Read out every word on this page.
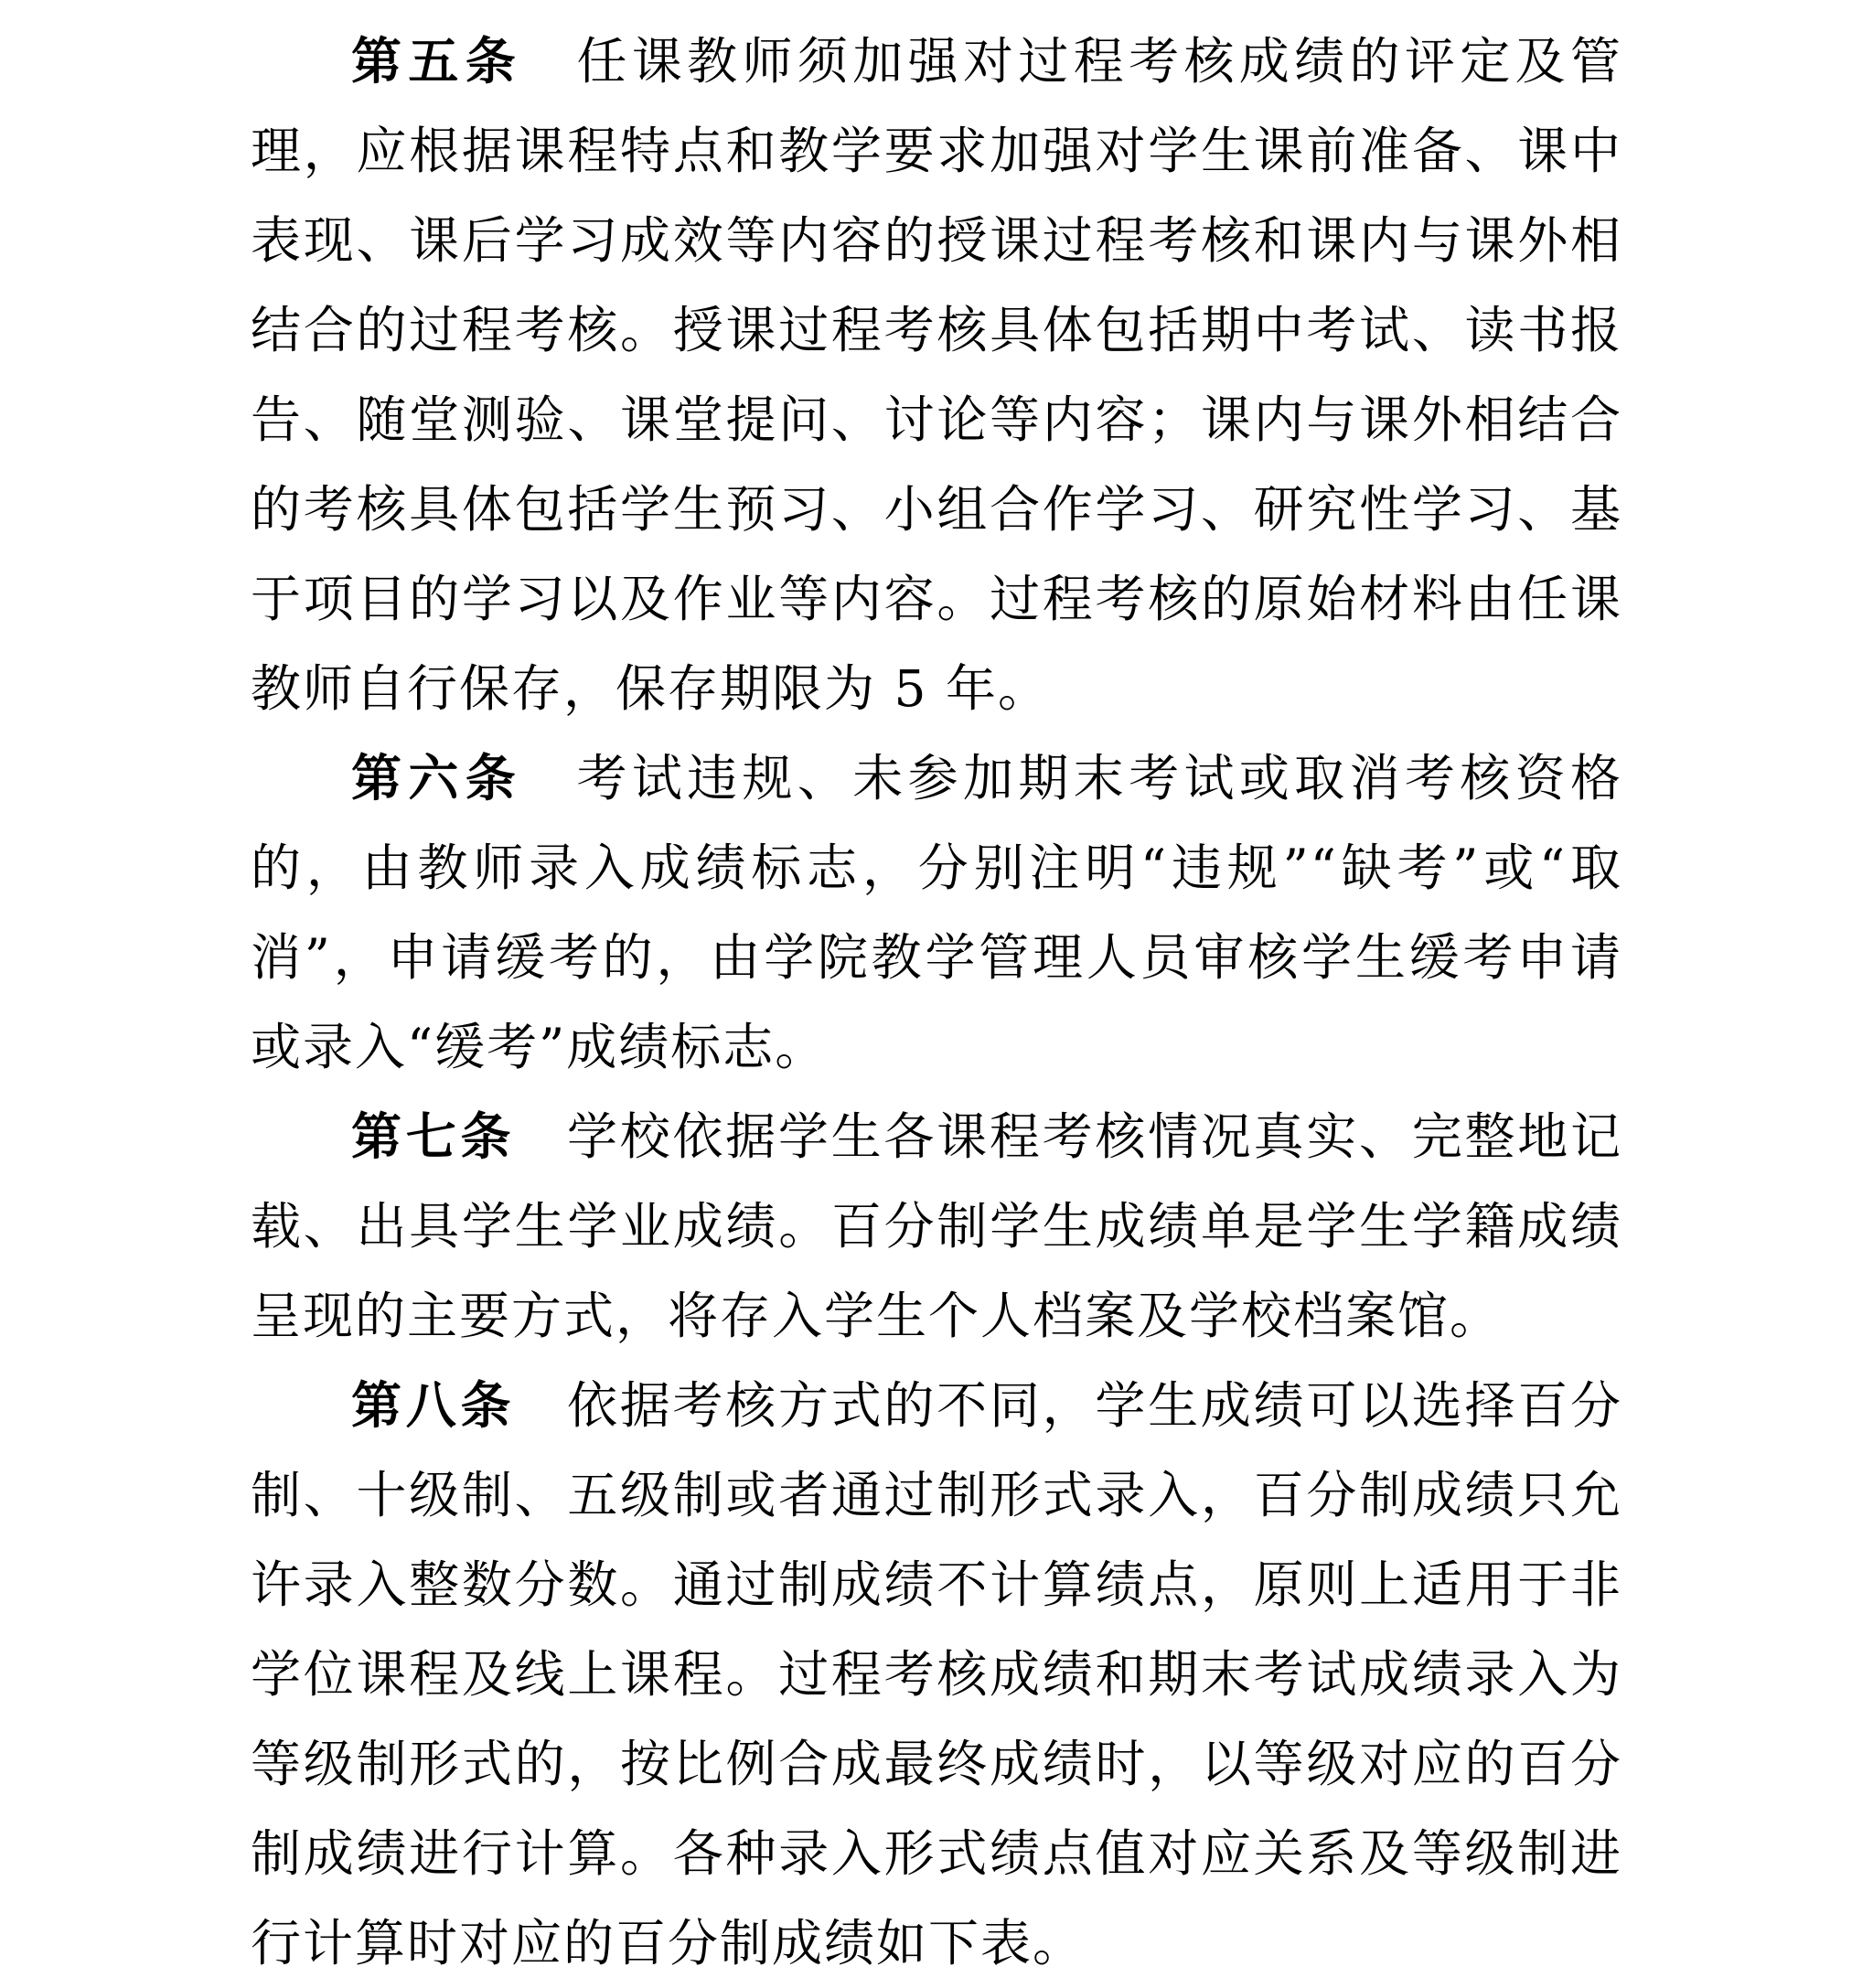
第五条 任课教师须加强对过程考核成绩的评定及管理，应根据课程特点和教学要求加强对学生课前准备、课中表现、课后学习成效等内容的授课过程考核和课内与课外相结合的过程考核。授课过程考核具体包括期中考试、读书报告、随堂测验、课堂提问、讨论等内容；课内与课外相结合的考核具体包括学生预习、小组合作学习、研究性学习、基于项目的学习以及作业等内容。过程考核的原始材料由任课教师自行保存，保存期限为 5 年。

第六条 考试违规、未参加期末考试或取消考核资格的，由教师录入成绩标志，分别注明“违规”“缺考”或“取消”，申请缓考的，由学院教学管理人员审核学生缓考申请或录入“缓考”成绩标志。

第七条 学校依据学生各课程考核情况真实、完整地记载、出具学生学业成绩。百分制学生成绩单是学生学籍成绩呈现的主要方式，将存入学生个人档案及学校档案馆。

第八条 依据考核方式的不同，学生成绩可以选择百分制、十级制、五级制或者通过制形式录入，百分制成绩只允许录入整数分数。通过制成绩不计算绩点，原则上适用于非学位课程及线上课程。过程考核成绩和期末考试成绩录入为等级制形式的，按比例合成最终成绩时，以等级对应的百分制成绩进行计算。各种录入形式绩点值对应关系及等级制进行计算时对应的百分制成绩如下表。
